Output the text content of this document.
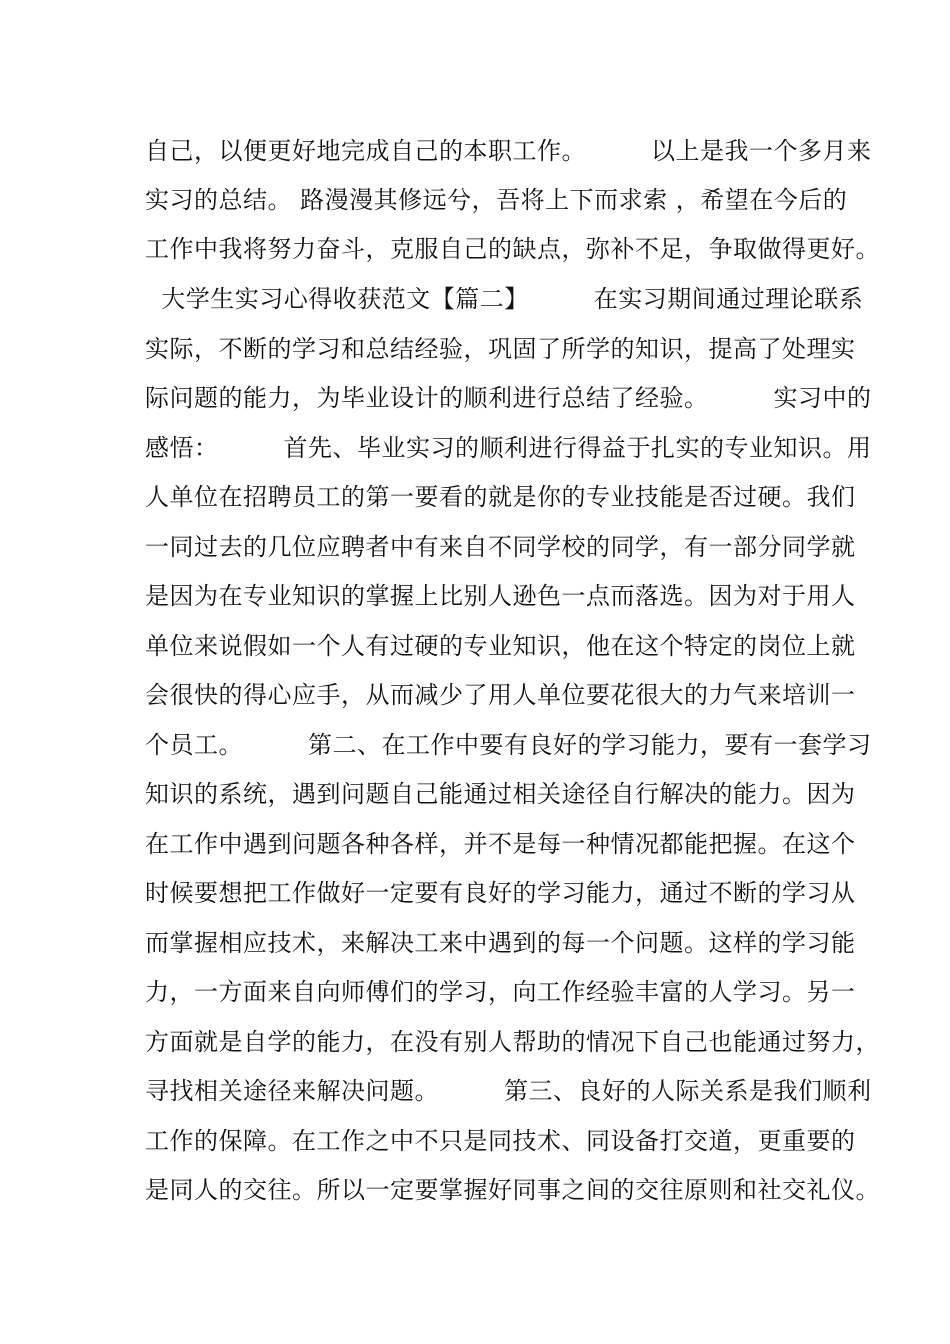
自己，以便更好地完成自己的本职工作。        以上是我一个多月来
实习的总结。 路漫漫其修远兮，吾将上下而求索 ，希望在今后的
工作中我将努力奋斗，克服自己的缺点，弥补不足，争取做得更好。
大学生实习心得收获范文【篇二】        在实习期间通过理论联系
实际，不断的学习和总结经验，巩固了所学的知识，提高了处理实
际问题的能力，为毕业设计的顺利进行总结了经验。        实习中的
感悟：        首先、毕业实习的顺利进行得益于扎实的专业知识。用
人单位在招聘员工的第一要看的就是你的专业技能是否过硬。我们
一同过去的几位应聘者中有来自不同学校的同学，有一部分同学就
是因为在专业知识的掌握上比别人逊色一点而落选。因为对于用人
单位来说假如一个人有过硬的专业知识，他在这个特定的岗位上就
会很快的得心应手，从而减少了用人单位要花很大的力气来培训一
个员工。        第二、在工作中要有良好的学习能力，要有一套学习
知识的系统，遇到问题自己能通过相关途径自行解决的能力。因为
在工作中遇到问题各种各样，并不是每一种情况都能把握。在这个
时候要想把工作做好一定要有良好的学习能力，通过不断的学习从
而掌握相应技术，来解决工来中遇到的每一个问题。这样的学习能
力，一方面来自向师傅们的学习，向工作经验丰富的人学习。另一
方面就是自学的能力，在没有别人帮助的情况下自己也能通过努力，
寻找相关途径来解决问题。        第三、良好的人际关系是我们顺利
工作的保障。在工作之中不只是同技术、同设备打交道，更重要的
是同人的交往。所以一定要掌握好同事之间的交往原则和社交礼仪。
